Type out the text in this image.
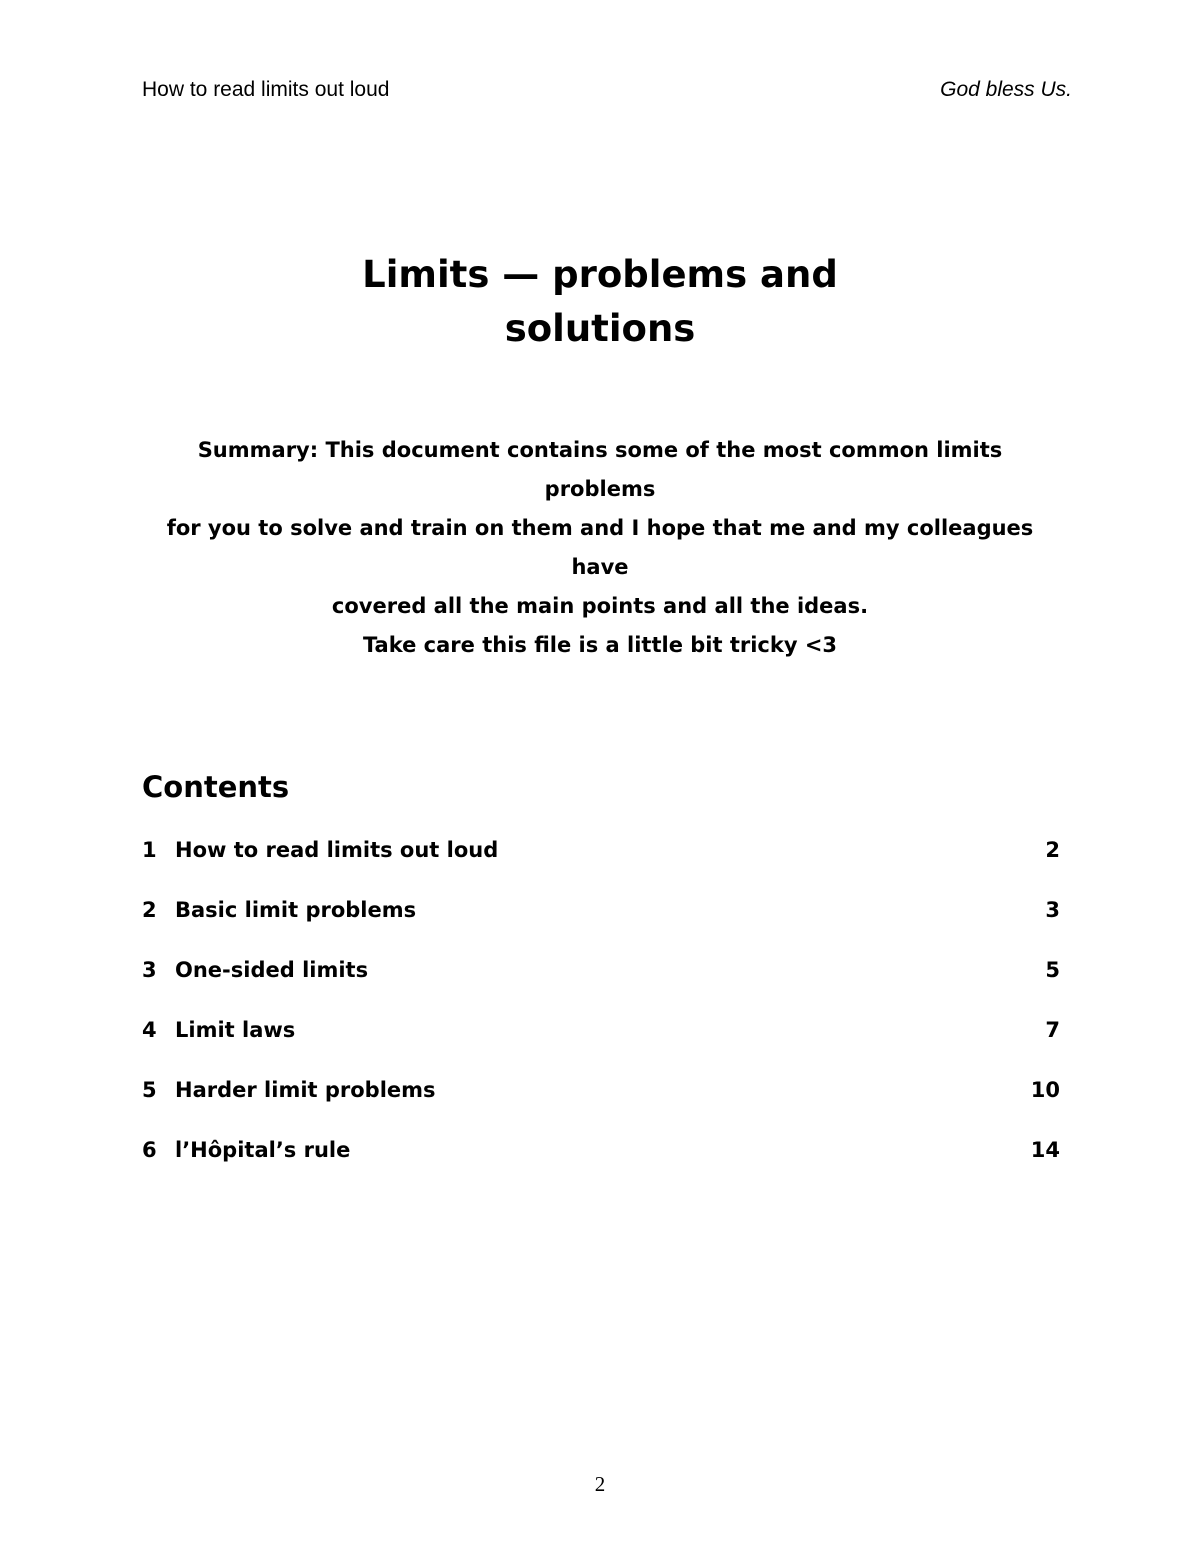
How to read limits out loud	God bless Us.
Limits — problems and
solutions
Summary: This document contains some of the most common limits problems
for you to solve and train on them and I hope that me and my colleagues have
covered all the main points and all the ideas.
Take care this file is a little bit tricky <3
Contents
1 How to read limits out loud	2
2 Basic limit problems	3
3 One-sided limits	5
4 Limit laws	7
5 Harder limit problems	10
6 l’Hôpital’s rule	14
2
